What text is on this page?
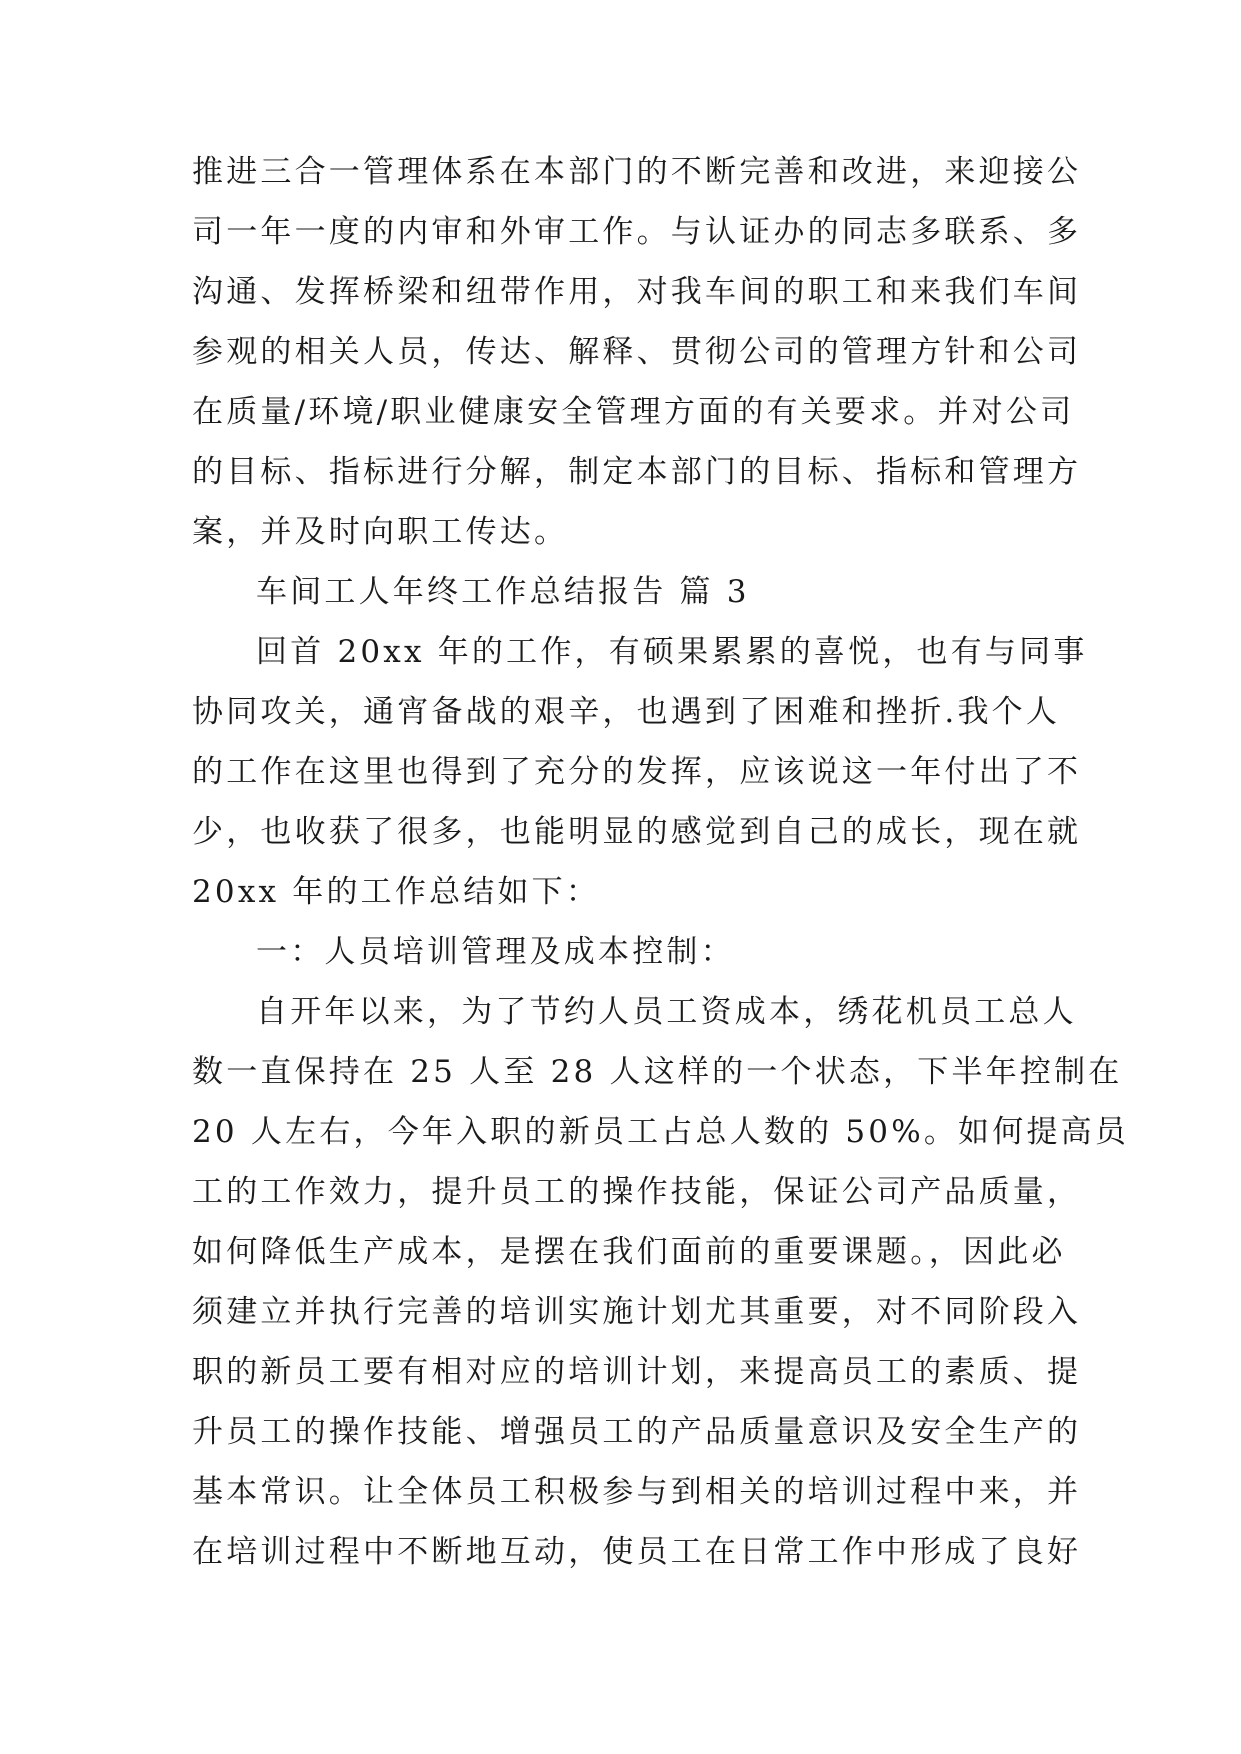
推进三合一管理体系在本部门的不断完善和改进，来迎接公
司一年一度的内审和外审工作。与认证办的同志多联系、多
沟通、发挥桥梁和纽带作用，对我车间的职工和来我们车间
参观的相关人员，传达、解释、贯彻公司的管理方针和公司
在质量/环境/职业健康安全管理方面的有关要求。并对公司
的目标、指标进行分解，制定本部门的目标、指标和管理方
案，并及时向职工传达。
车间工人年终工作总结报告 篇 3
回首 20xx 年的工作，有硕果累累的喜悦，也有与同事
协同攻关，通宵备战的艰辛，也遇到了困难和挫折.我个人
的工作在这里也得到了充分的发挥，应该说这一年付出了不
少，也收获了很多，也能明显的感觉到自己的成长，现在就
20xx 年的工作总结如下：
一：人员培训管理及成本控制：
自开年以来，为了节约人员工资成本，绣花机员工总人
数一直保持在 25 人至 28 人这样的一个状态，下半年控制在
20 人左右，今年入职的新员工占总人数的 50%。如何提高员
工的工作效力，提升员工的操作技能，保证公司产品质量，
如何降低生产成本，是摆在我们面前的重要课题。，因此必
须建立并执行完善的培训实施计划尤其重要，对不同阶段入
职的新员工要有相对应的培训计划，来提高员工的素质、提
升员工的操作技能、增强员工的产品质量意识及安全生产的
基本常识。让全体员工积极参与到相关的培训过程中来，并
在培训过程中不断地互动，使员工在日常工作中形成了良好
